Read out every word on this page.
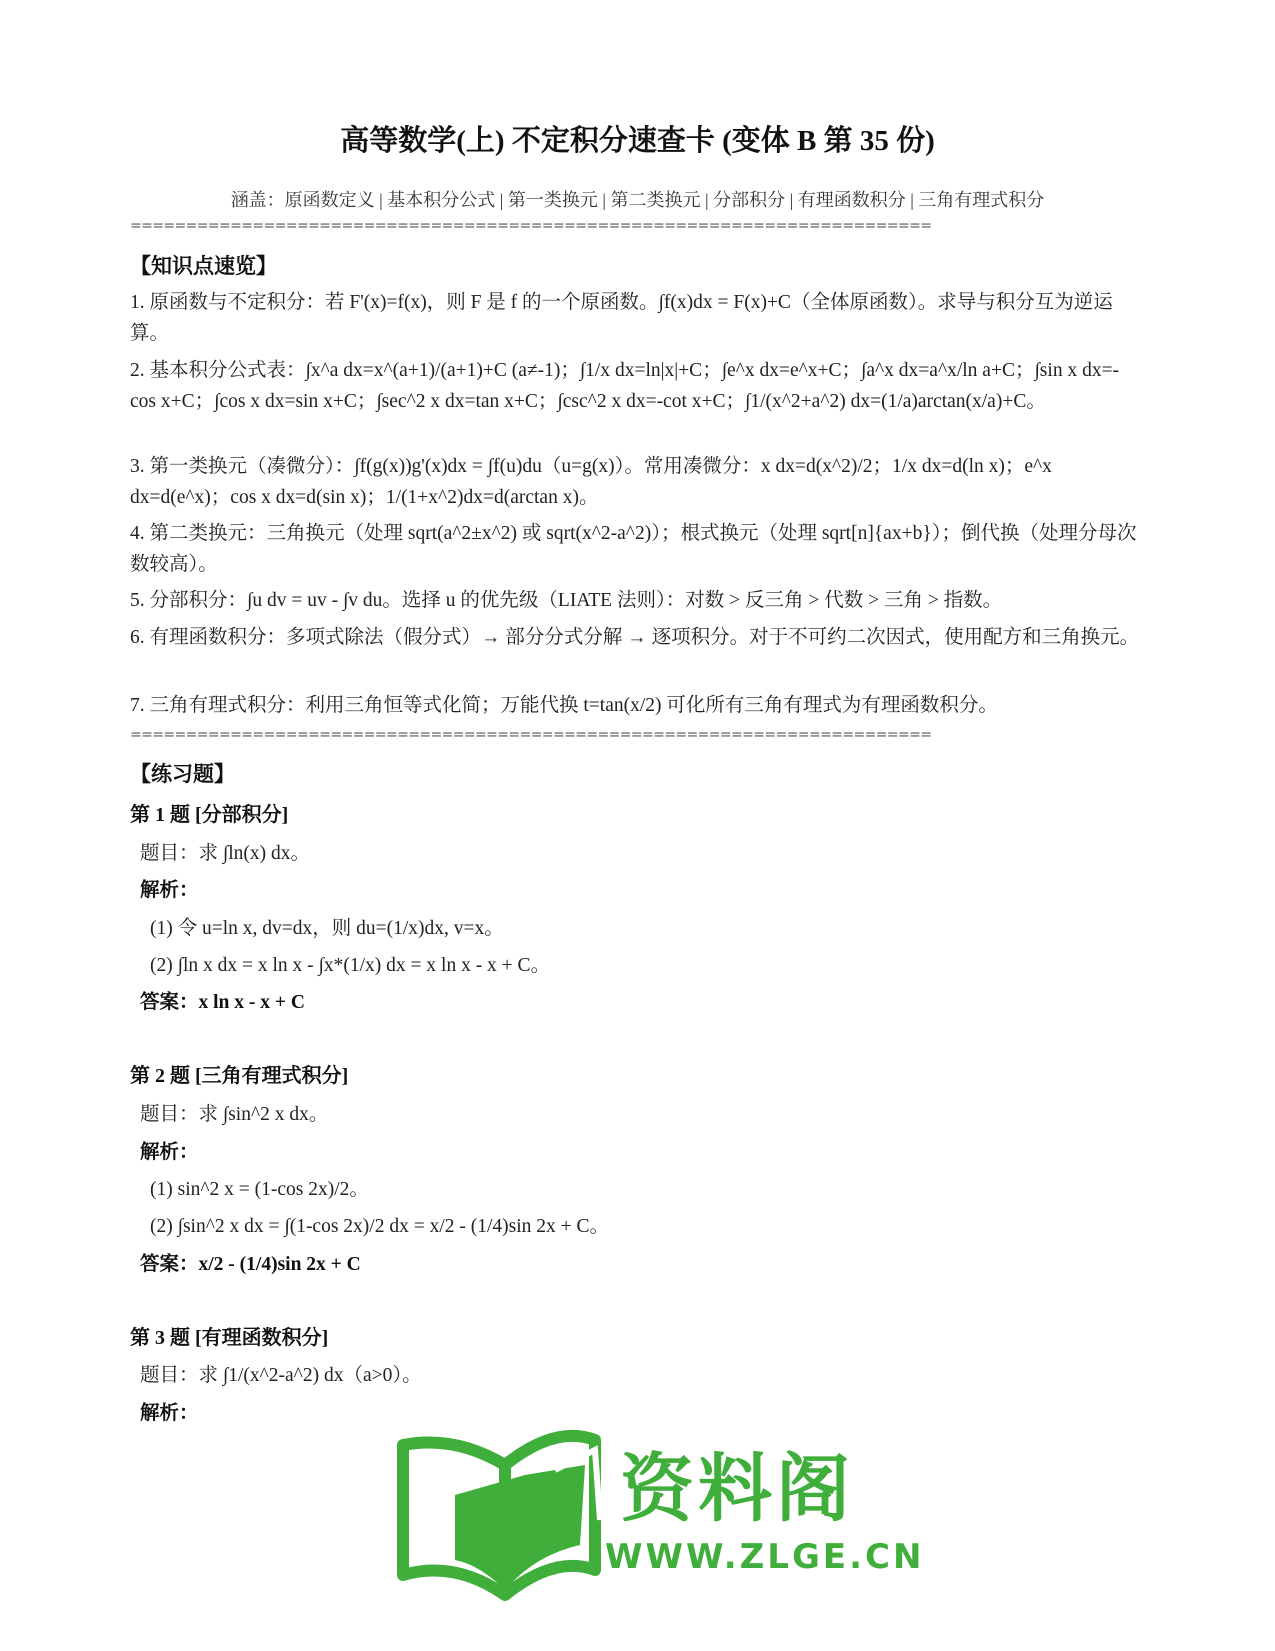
高等数学(上) 不定积分速查卡 (变体 B 第 35 份)
涵盖：原函数定义 | 基本积分公式 | 第一类换元 | 第二类换元 | 分部积分 | 有理函数积分 | 三角有理式积分
========================================================================
【知识点速览】
1. 原函数与不定积分：若 F'(x)=f(x)，则 F 是 f 的一个原函数。∫f(x)dx = F(x)+C（全体原函数）。求导与积分互为逆运算。
2. 基本积分公式表：∫x^a dx=x^(a+1)/(a+1)+C (a≠-1)；∫1/x dx=ln|x|+C；∫e^x dx=e^x+C；∫a^x dx=a^x/ln a+C；∫sin x dx=-cos x+C；∫cos x dx=sin x+C；∫sec^2 x dx=tan x+C；∫csc^2 x dx=-cot x+C；∫1/(x^2+a^2) dx=(1/a)arctan(x/a)+C。
3. 第一类换元（凑微分）：∫f(g(x))g'(x)dx = ∫f(u)du（u=g(x)）。常用凑微分：x dx=d(x^2)/2；1/x dx=d(ln x)；e^x dx=d(e^x)；cos x dx=d(sin x)；1/(1+x^2)dx=d(arctan x)。
4. 第二类换元：三角换元（处理 sqrt(a^2±x^2) 或 sqrt(x^2-a^2)）；根式换元（处理 sqrt[n]{ax+b}）；倒代换（处理分母次数较高）。
5. 分部积分：∫u dv = uv - ∫v du。选择 u 的优先级（LIATE 法则）：对数 > 反三角 > 代数 > 三角 > 指数。
6. 有理函数积分：多项式除法（假分式）→ 部分分式分解 → 逐项积分。对于不可约二次因式，使用配方和三角换元。
7. 三角有理式积分：利用三角恒等式化简；万能代换 t=tan(x/2) 可化所有三角有理式为有理函数积分。
========================================================================
【练习题】
第 1 题 [分部积分]
题目：求 ∫ln(x) dx。
解析：
(1) 令 u=ln x, dv=dx，则 du=(1/x)dx, v=x。
(2) ∫ln x dx = x ln x - ∫x*(1/x) dx = x ln x - x + C。
答案：x ln x - x + C
第 2 题 [三角有理式积分]
题目：求 ∫sin^2 x dx。
解析：
(1) sin^2 x = (1-cos 2x)/2。
(2) ∫sin^2 x dx = ∫(1-cos 2x)/2 dx = x/2 - (1/4)sin 2x + C。
答案：x/2 - (1/4)sin 2x + C
第 3 题 [有理函数积分]
题目：求 ∫1/(x^2-a^2) dx（a>0）。
解析：
资料阁
WWW.ZLGE.CN
